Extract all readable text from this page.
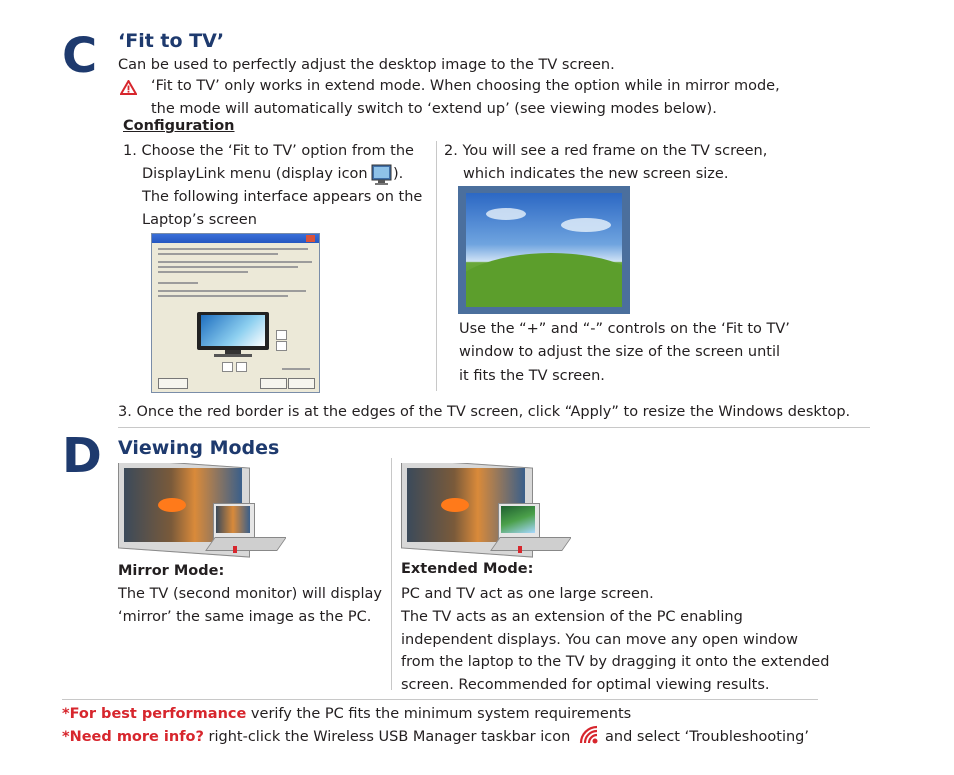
C ‘Fit to TV’
Can be used to perfectly adjust the desktop image to the TV screen.
‘Fit to TV’ only works in extend mode. When choosing the option while in mirror mode,
the mode will automatically switch to ‘extend up’ (see viewing modes below).
Configuration
1. Choose the ‘Fit to TV’ option from the
DisplayLink menu (display icon ).
The following interface appears on the
Laptop’s screen
2. You will see a red frame on the TV screen,
which indicates the new screen size.
Use the “+” and “-” controls on the ‘Fit to TV’
window to adjust the size of the screen until
it fits the TV screen.
3. Once the red border is at the edges of the TV screen, click “Apply” to resize the Windows desktop.
D Viewing Modes
Mirror Mode:
The TV (second monitor) will display
‘mirror’ the same image as the PC.
Extended Mode:
PC and TV act as one large screen.
The TV acts as an extension of the PC enabling
independent displays. You can move any open window
from the laptop to the TV by dragging it onto the extended
screen. Recommended for optimal viewing results.
*For best performance verify the PC fits the minimum system requirements
*Need more info? right-click the Wireless USB Manager taskbar icon and select ‘Troubleshooting’
